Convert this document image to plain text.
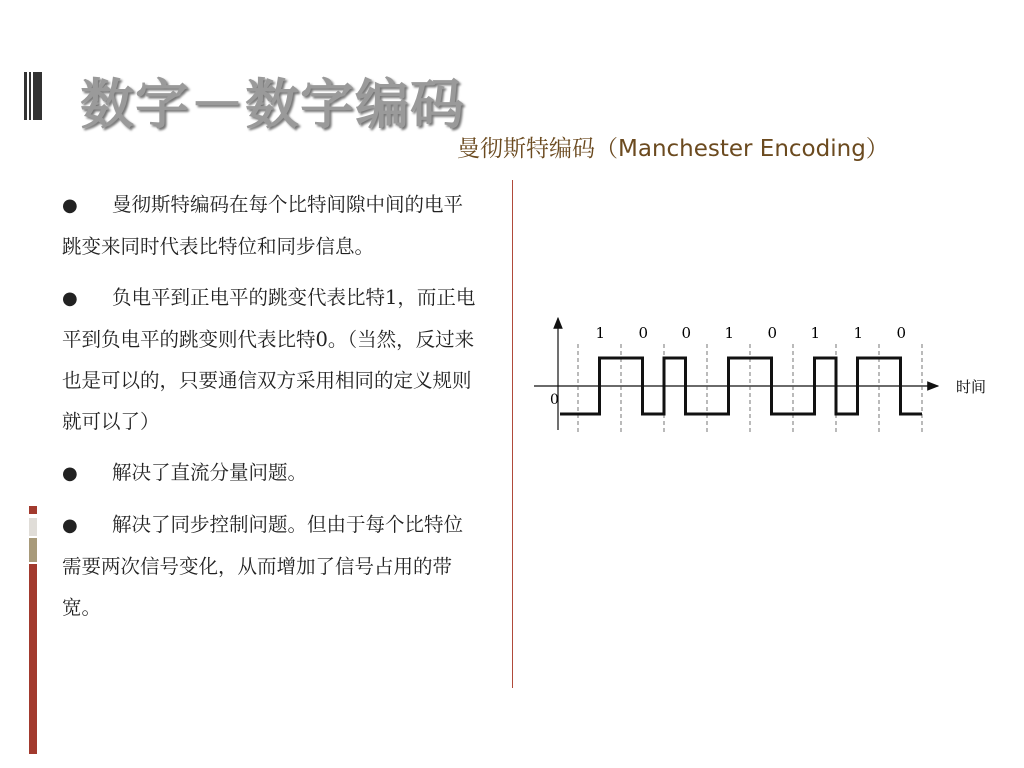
数字－数字编码
曼彻斯特编码（Manchester Encoding）
● 曼彻斯特编码在每个比特间隙中间的电平跳变来同时代表比特位和同步信息。
● 负电平到正电平的跳变代表比特1，而正电平到负电平的跳变则代表比特0。（当然，反过来也是可以的，只要通信双方采用相同的定义规则就可以了）
● 解决了直流分量问题。
● 解决了同步控制问题。但由于每个比特位需要两次信号变化，从而增加了信号占用的带宽。
1 0 0 1 0 1 1 0
0
时间
